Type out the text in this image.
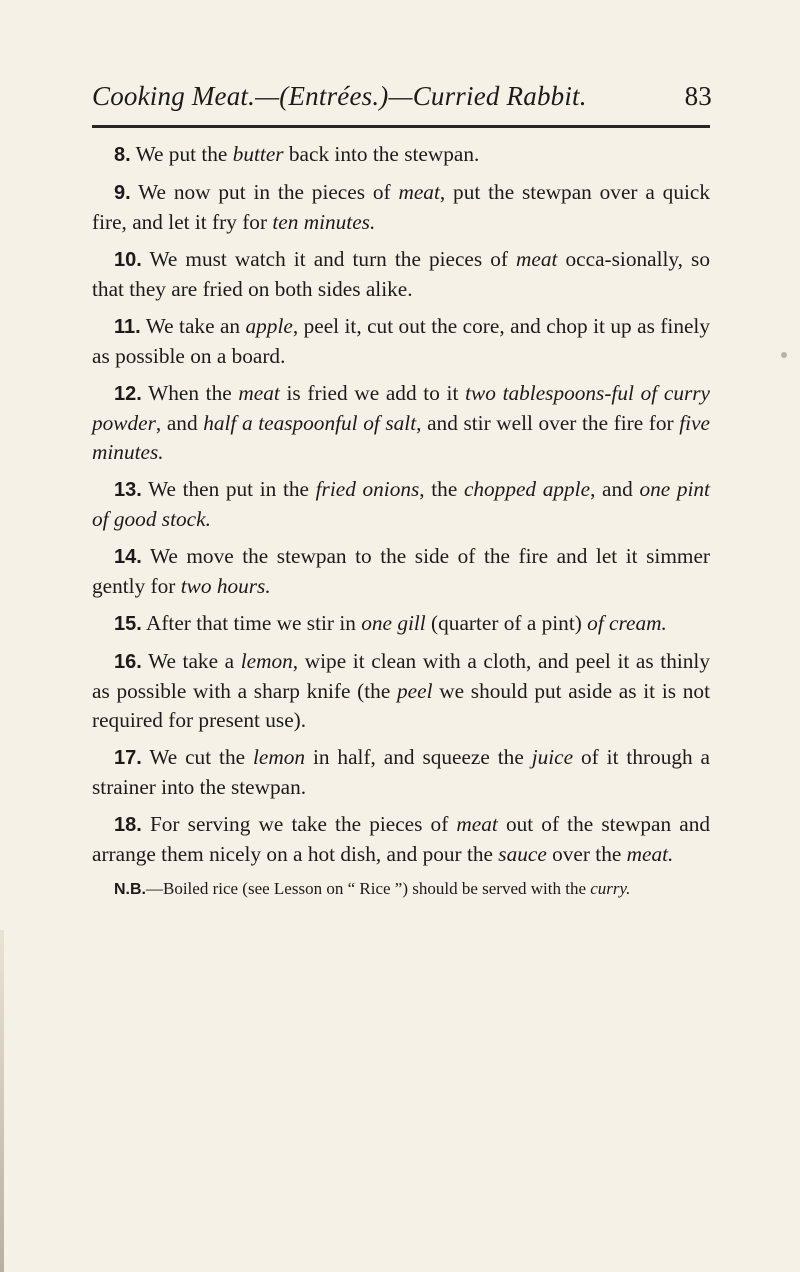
Cooking Meat.—(Entrées.)—Curried Rabbit.	83

8. We put the butter back into the stewpan.

9. We now put in the pieces of meat, put the stewpan over a quick fire, and let it fry for ten minutes.

10. We must watch it and turn the pieces of meat occa-sionally, so that they are fried on both sides alike.

11. We take an apple, peel it, cut out the core, and chop it up as finely as possible on a board.

12. When the meat is fried we add to it two tablespoons-ful of curry powder, and half a teaspoonful of salt, and stir well over the fire for five minutes.

13. We then put in the fried onions, the chopped apple, and one pint of good stock.

14. We move the stewpan to the side of the fire and let it simmer gently for two hours.

15. After that time we stir in one gill (quarter of a pint) of cream.

16. We take a lemon, wipe it clean with a cloth, and peel it as thinly as possible with a sharp knife (the peel we should put aside as it is not required for present use).

17. We cut the lemon in half, and squeeze the juice of it through a strainer into the stewpan.

18. For serving we take the pieces of meat out of the stewpan and arrange them nicely on a hot dish, and pour the sauce over the meat.

N.B.—Boiled rice (see Lesson on “ Rice ”) should be served with the curry.
